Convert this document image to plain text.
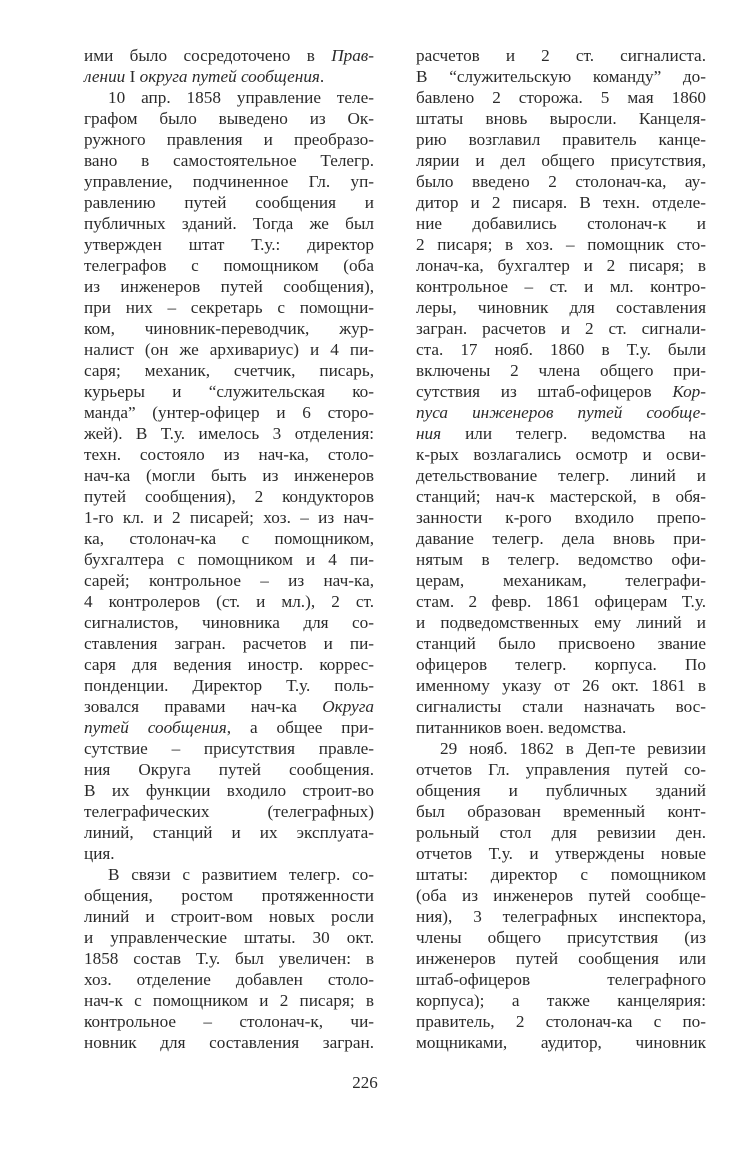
ими было сосредоточено в Прав-
лении I округа путей сообщения.
10 апр. 1858 управление теле-
графом было выведено из Ок-
ружного правления и преобразо-
вано в самостоятельное Телегр.
управление, подчиненное Гл. уп-
равлению путей сообщения и
публичных зданий. Тогда же был
утвержден штат Т.у.: директор
телеграфов с помощником (оба
из инженеров путей сообщения),
при них – секретарь с помощни-
ком, чиновник-переводчик, жур-
налист (он же архивариус) и 4 пи-
саря; механик, счетчик, писарь,
курьеры и “служительская ко-
манда” (унтер-офицер и 6 сторо-
жей). В Т.у. имелось 3 отделения:
техн. состояло из нач-ка, столо-
нач-ка (могли быть из инженеров
путей сообщения), 2 кондукторов
1-го кл. и 2 писарей; хоз. – из нач-
ка, столонач-ка с помощником,
бухгалтера с помощником и 4 пи-
сарей; контрольное – из нач-ка,
4 контролеров (ст. и мл.), 2 ст.
сигналистов, чиновника для со-
ставления загран. расчетов и пи-
саря для ведения иностр. коррес-
понденции. Директор Т.у. поль-
зовался правами нач-ка Округа
путей сообщения, а общее при-
сутствие – присутствия правле-
ния Округа путей сообщения.
В их функции входило строит-во
телеграфических (телеграфных)
линий, станций и их эксплуата-
ция.
В связи с развитием телегр. со-
общения, ростом протяженности
линий и строит-вом новых росли
и управленческие штаты. 30 окт.
1858 состав Т.у. был увеличен: в
хоз. отделение добавлен столо-
нач-к с помощником и 2 писаря; в
контрольное – столонач-к, чи-
новник для составления загран.
расчетов и 2 ст. сигналиста.
В “служительскую команду” до-
бавлено 2 сторожа. 5 мая 1860
штаты вновь выросли. Канцеля-
рию возглавил правитель канце-
лярии и дел общего присутствия,
было введено 2 столонач-ка, ау-
дитор и 2 писаря. В техн. отделе-
ние добавились столонач-к и
2 писаря; в хоз. – помощник сто-
лонач-ка, бухгалтер и 2 писаря; в
контрольное – ст. и мл. контро-
леры, чиновник для составления
загран. расчетов и 2 ст. сигнали-
ста. 17 нояб. 1860 в Т.у. были
включены 2 члена общего при-
сутствия из штаб-офицеров Кор-
пуса инженеров путей сообще-
ния или телегр. ведомства на
к-рых возлагались осмотр и осви-
детельствование телегр. линий и
станций; нач-к мастерской, в обя-
занности к-рого входило препо-
давание телегр. дела вновь при-
нятым в телегр. ведомство офи-
церам, механикам, телеграфи-
стам. 2 февр. 1861 офицерам Т.у.
и подведомственных ему линий и
станций было присвоено звание
офицеров телегр. корпуса. По
именному указу от 26 окт. 1861 в
сигналисты стали назначать вос-
питанников воен. ведомства.
29 нояб. 1862 в Деп-те ревизии
отчетов Гл. управления путей со-
общения и публичных зданий
был образован временный конт-
рольный стол для ревизии ден.
отчетов Т.у. и утверждены новые
штаты: директор с помощником
(оба из инженеров путей сообще-
ния), 3 телеграфных инспектора,
члены общего присутствия (из
инженеров путей сообщения или
штаб-офицеров телеграфного
корпуса); а также канцелярия:
правитель, 2 столонач-ка с по-
мощниками, аудитор, чиновник
226
